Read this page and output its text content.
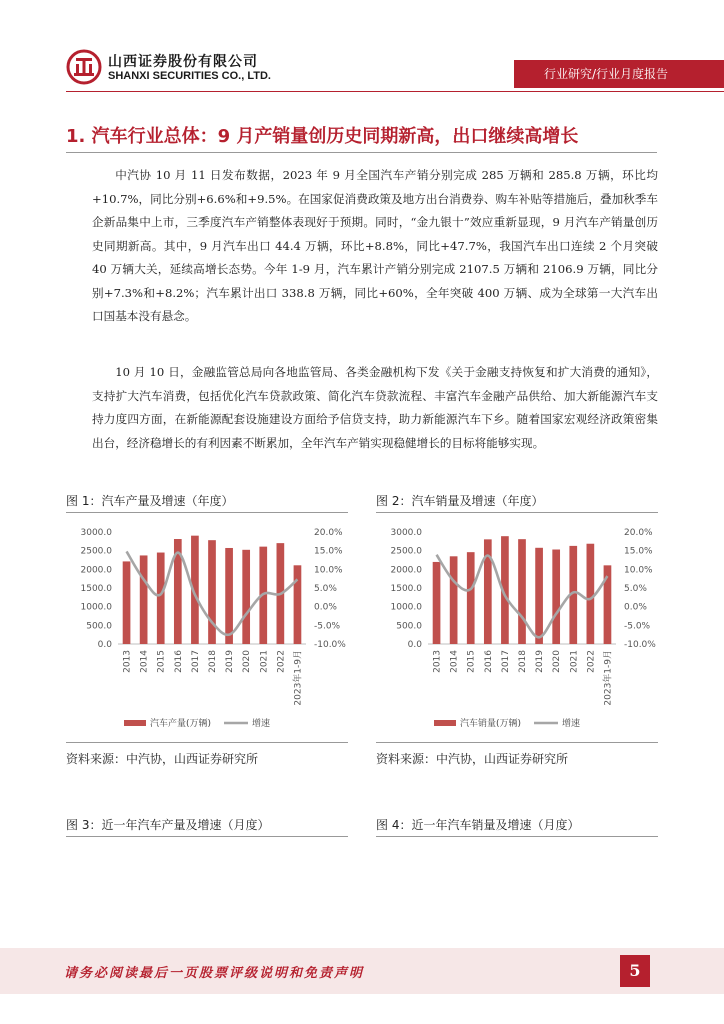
山西证券股份有限公司
SHANXI SECURITIES CO., LTD.	行业研究/行业月度报告
1. 汽车行业总体：9 月产销量创历史同期新高，出口继续高增长
中汽协 10 月 11 日发布数据，2023 年 9 月全国汽车产销分别完成 285 万辆和 285.8 万辆，环比均+10.7%，同比分别+6.6%和+9.5%。在国家促消费政策及地方出台消费券、购车补贴等措施后，叠加秋季车企新品集中上市，三季度汽车产销整体表现好于预期。同时，“金九银十”效应重新显现，9 月汽车产销量创历史同期新高。其中，9 月汽车出口 44.4 万辆，环比+8.8%，同比+47.7%，我国汽车出口连续 2 个月突破 40 万辆大关，延续高增长态势。今年 1-9 月，汽车累计产销分别完成 2107.5 万辆和 2106.9 万辆，同比分别+7.3%和+8.2%；汽车累计出口 338.8 万辆，同比+60%，全年突破 400 万辆、成为全球第一大汽车出口国基本没有悬念。
10 月 10 日，金融监管总局向各地监管局、各类金融机构下发《关于金融支持恢复和扩大消费的通知》，支持扩大汽车消费，包括优化汽车贷款政策、简化汽车贷款流程、丰富汽车金融产品供给、加大新能源汽车支持力度四方面，在新能源配套设施建设方面给予信贷支持，助力新能源汽车下乡。随着国家宏观经济政策密集出台，经济稳增长的有利因素不断累加，全年汽车产销实现稳健增长的目标将能够实现。
图 1：汽车产量及增速（年度）	图 2：汽车销量及增速（年度）
3000.0
2500.0
2000.0
1500.0
1000.0
500.0
0.0
20.0%
15.0%
10.0%
5.0%
0.0%
-5.0%
-10.0%
2013 2014 2015 2016 2017 2018 2019 2020 2021 2022 2023年1-9月
汽车产量(万辆)	增速
3000.0
2500.0
2000.0
1500.0
1000.0
500.0
0.0
20.0%
15.0%
10.0%
5.0%
0.0%
-5.0%
-10.0%
2013 2014 2015 2016 2017 2018 2019 2020 2021 2022 2023年1-9月
汽车销量(万辆)	增速
资料来源：中汽协，山西证券研究所	资料来源：中汽协，山西证券研究所
图 3：近一年汽车产量及增速（月度）	图 4：近一年汽车销量及增速（月度）
请务必阅读最后一页股票评级说明和免责声明	5
